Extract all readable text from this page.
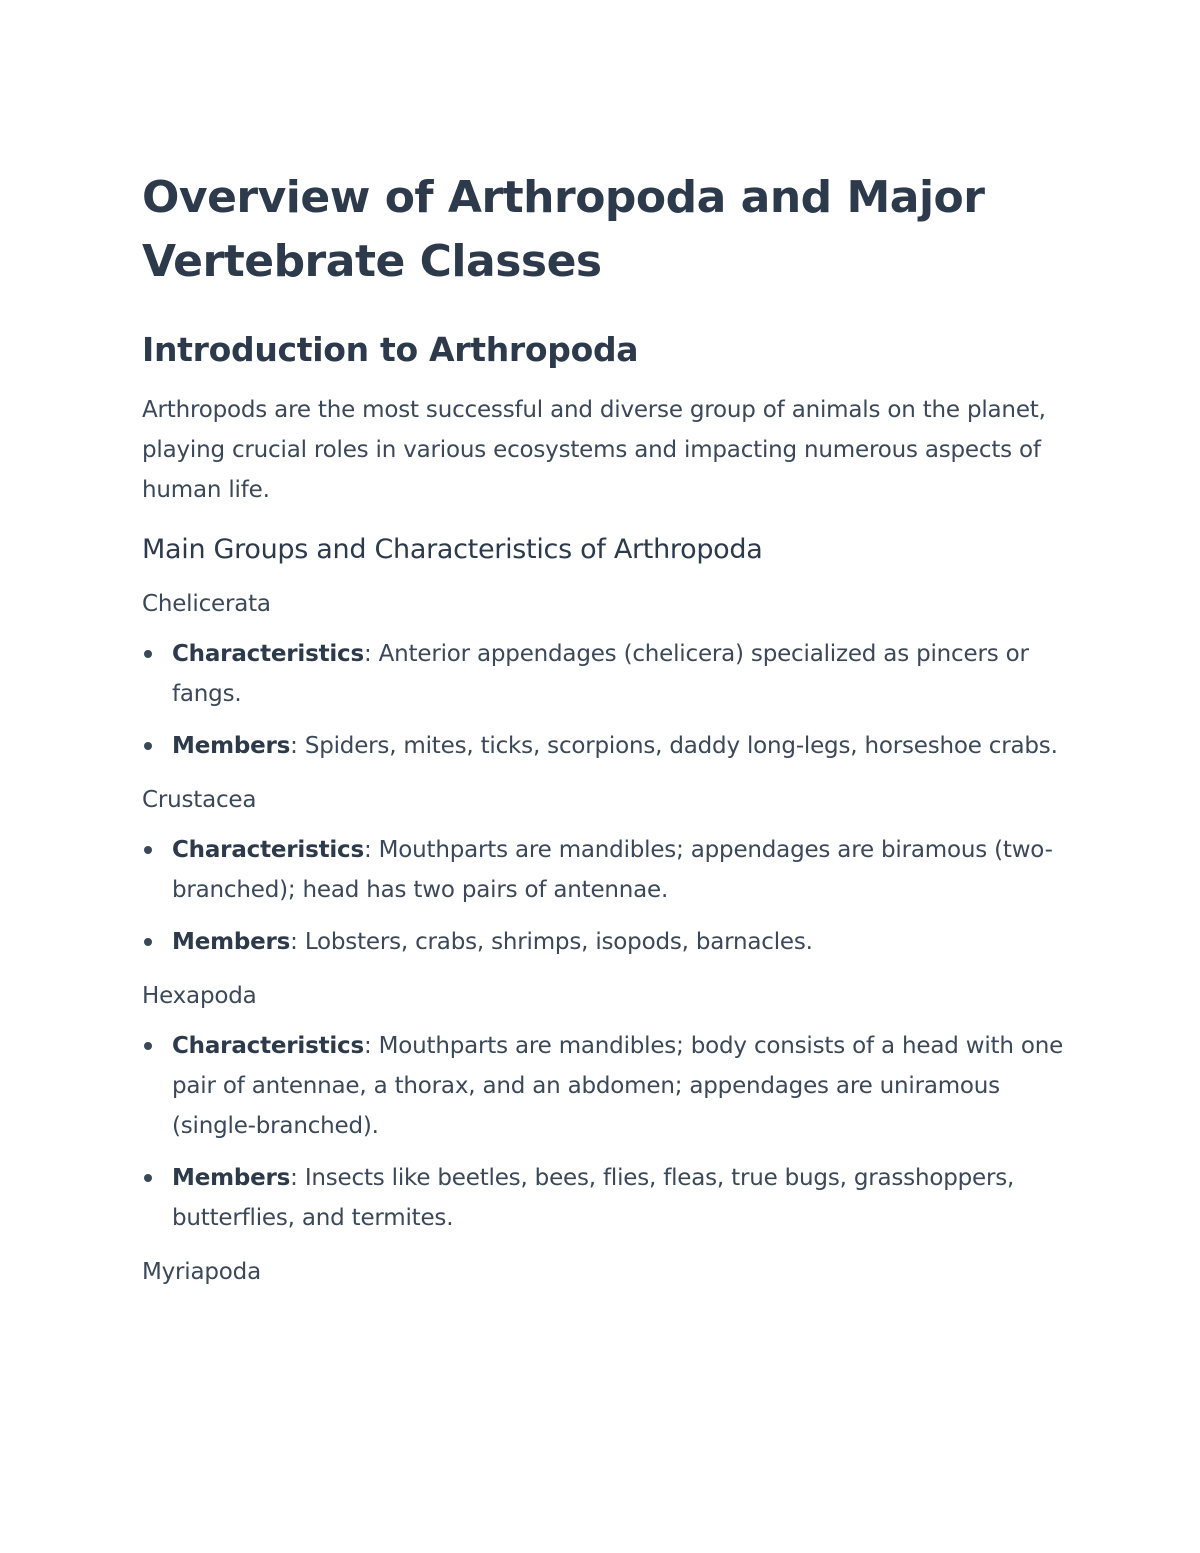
Overview of Arthropoda and Major Vertebrate Classes
Introduction to Arthropoda

Arthropods are the most successful and diverse group of animals on the planet, playing crucial roles in various ecosystems and impacting numerous aspects of human life.

Main Groups and Characteristics of Arthropoda
Chelicerata
Characteristics: Anterior appendages (chelicera) specialized as pincers or fangs.
Members: Spiders, mites, ticks, scorpions, daddy long-legs, horseshoe crabs.
Crustacea
Characteristics: Mouthparts are mandibles; appendages are biramous (two-branched); head has two pairs of antennae.
Members: Lobsters, crabs, shrimps, isopods, barnacles.
Hexapoda
Characteristics: Mouthparts are mandibles; body consists of a head with one pair of antennae, a thorax, and an abdomen; appendages are uniramous (single-branched).
Members: Insects like beetles, bees, flies, fleas, true bugs, grasshoppers, butterflies, and termites.
Myriapoda
